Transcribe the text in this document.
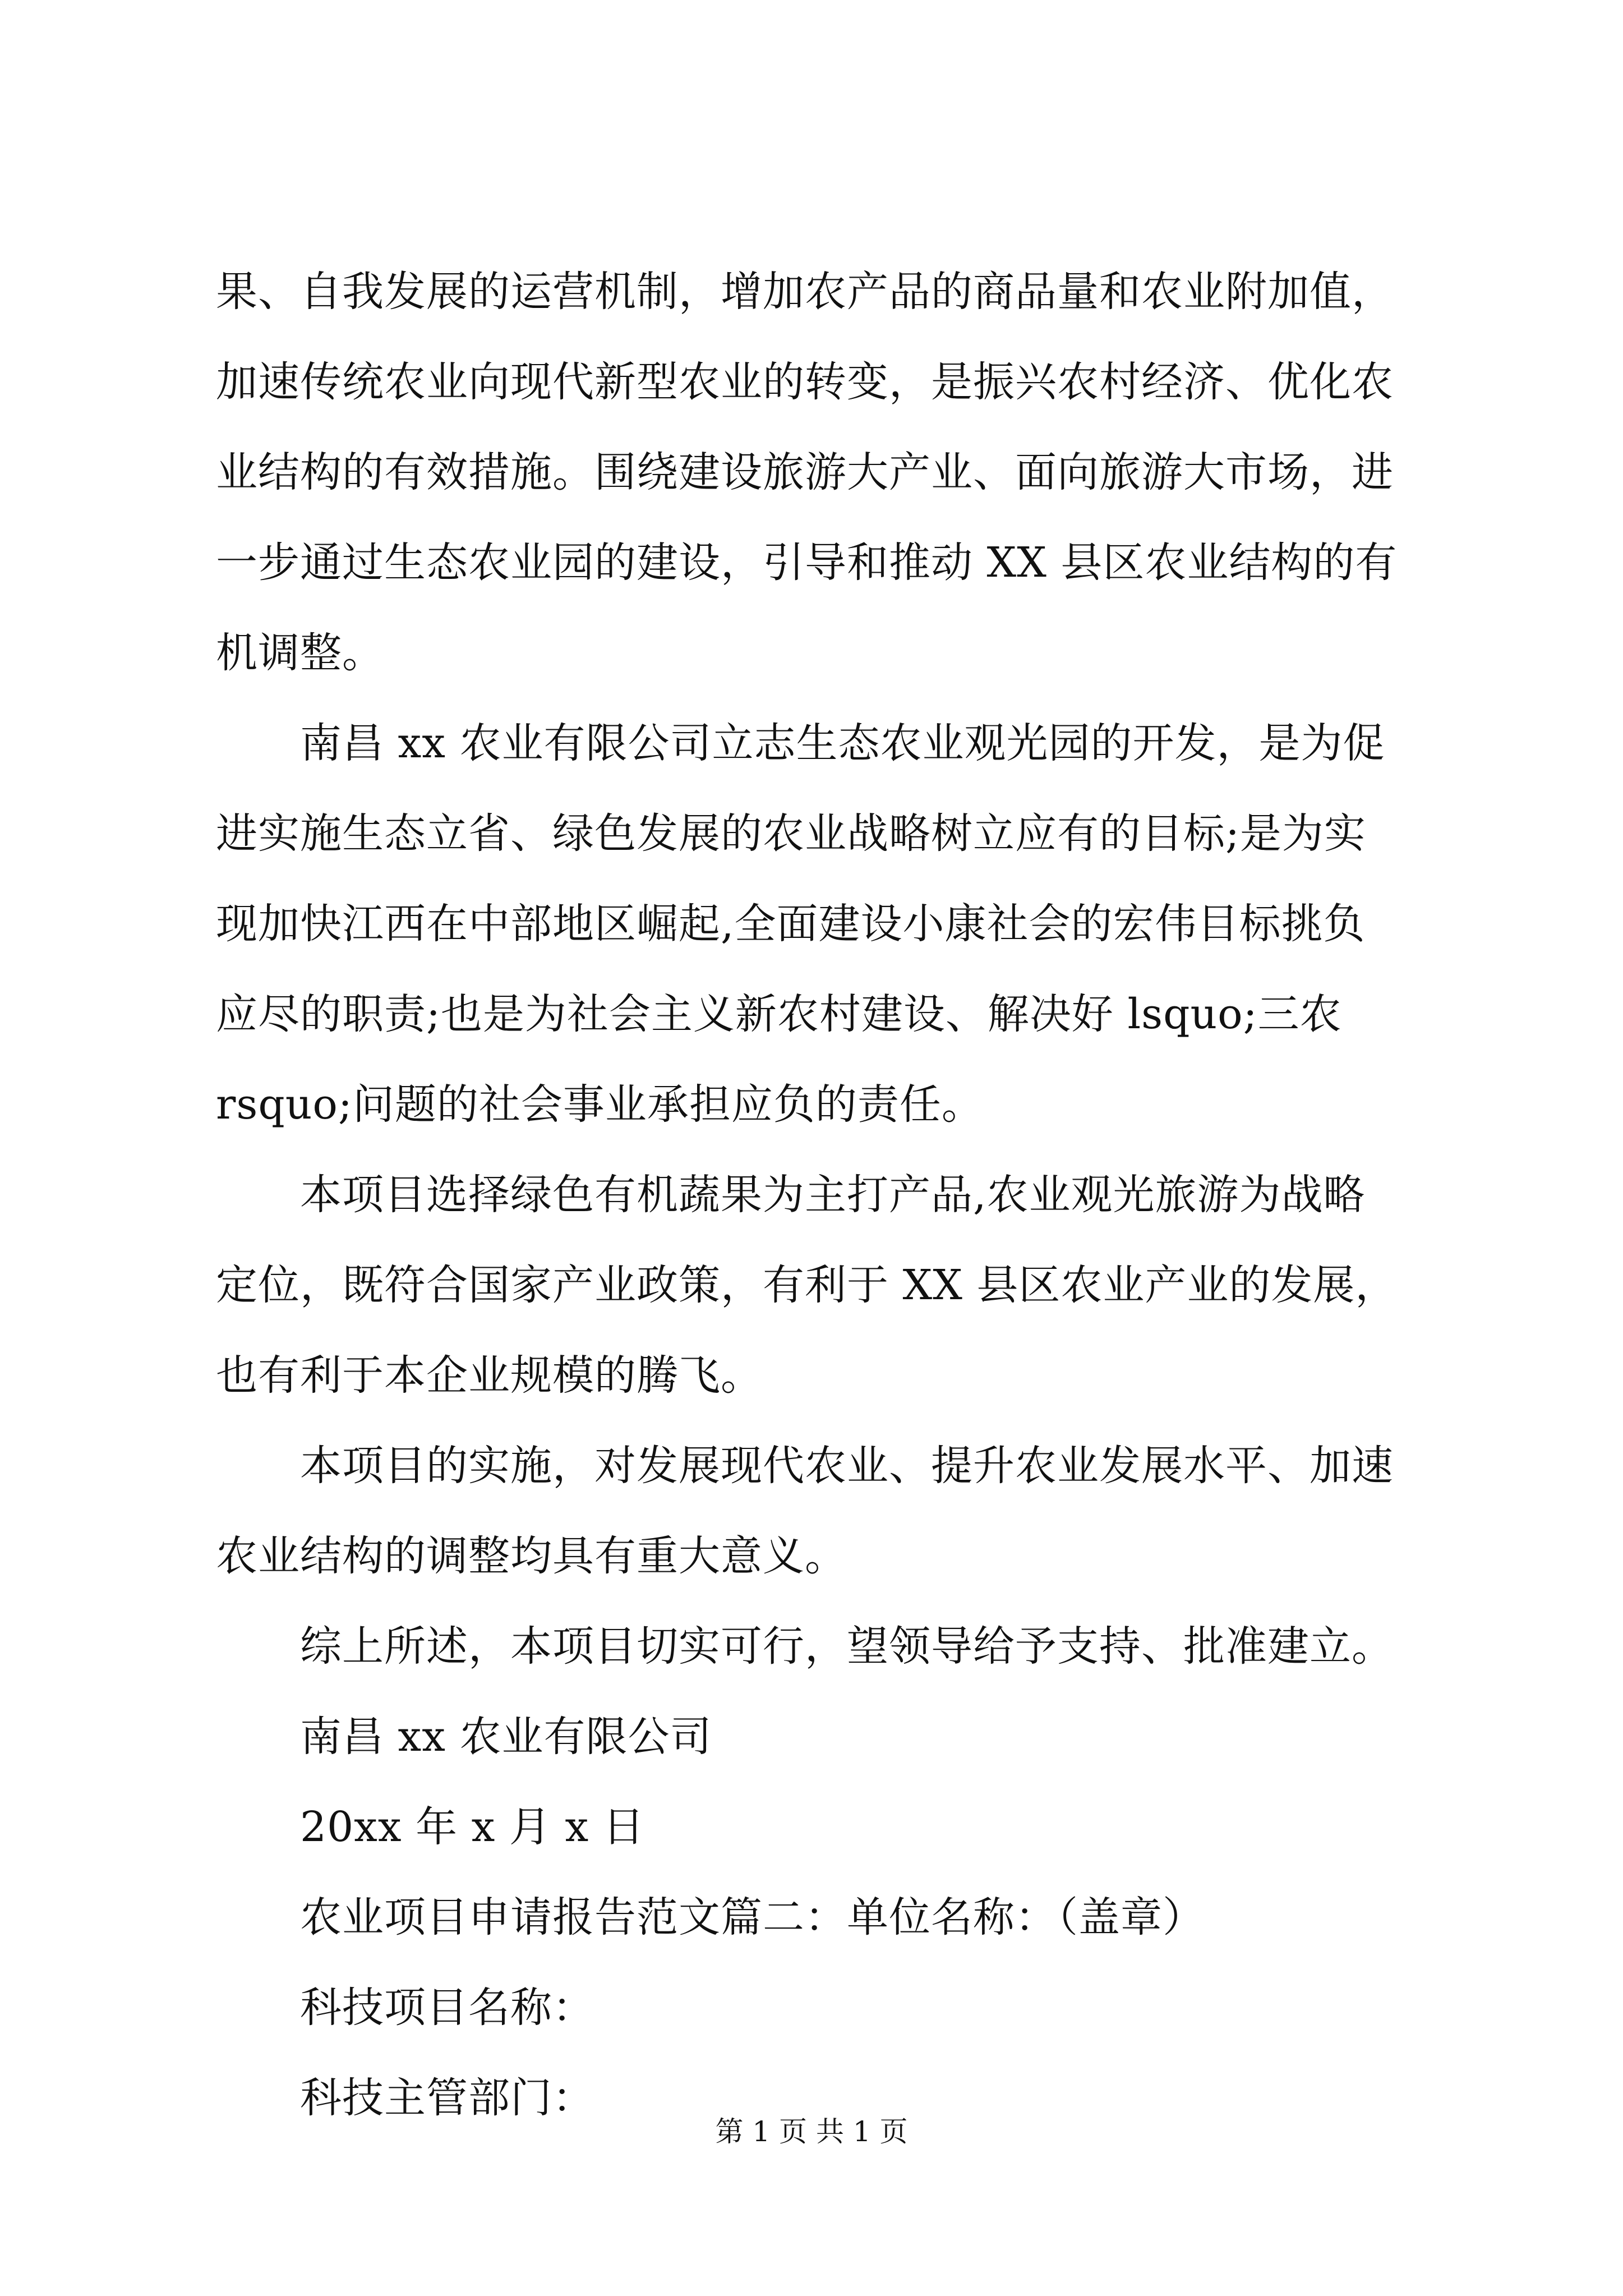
果、自我发展的运营机制，增加农产品的商品量和农业附加值，
加速传统农业向现代新型农业的转变，是振兴农村经济、优化农
业结构的有效措施。围绕建设旅游大产业、面向旅游大市场，进
一步通过生态农业园的建设，引导和推动 XX 县区农业结构的有
机调整。
南昌 xx 农业有限公司立志生态农业观光园的开发，是为促
进实施生态立省、绿色发展的农业战略树立应有的目标;是为实
现加快江西在中部地区崛起,全面建设小康社会的宏伟目标挑负
应尽的职责;也是为社会主义新农村建设、解决好 lsquo;三农
rsquo;问题的社会事业承担应负的责任。
本项目选择绿色有机蔬果为主打产品,农业观光旅游为战略
定位，既符合国家产业政策，有利于 XX 县区农业产业的发展，
也有利于本企业规模的腾飞。
本项目的实施，对发展现代农业、提升农业发展水平、加速
农业结构的调整均具有重大意义。
综上所述，本项目切实可行，望领导给予支持、批准建立。
南昌 xx 农业有限公司
20xx 年 x 月 x 日
农业项目申请报告范文篇二：单位名称：（盖章）
科技项目名称：
科技主管部门：
第 1 页 共 1 页
